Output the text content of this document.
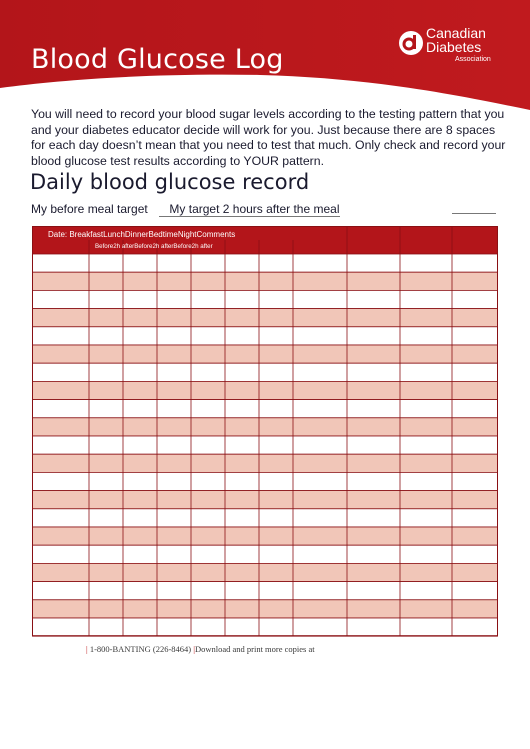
Blood Glucose Log
Canadian
Diabetes
Association

You will need to record your blood sugar levels according to the testing pattern that you and your diabetes educator decide will work for you. Just because there are 8 spaces for each day doesn’t mean that you need to test that much. Only check and record your blood glucose test results according to YOUR pattern.

Daily blood glucose record
My before meal target My target 2 hours after the meal
Date: BreakfastLunchDinnerBedtimeNightComments
Before2h afterBefore2h afterBefore2h after
| 1-800-BANTING (226-8464) |Download and print more copies at
